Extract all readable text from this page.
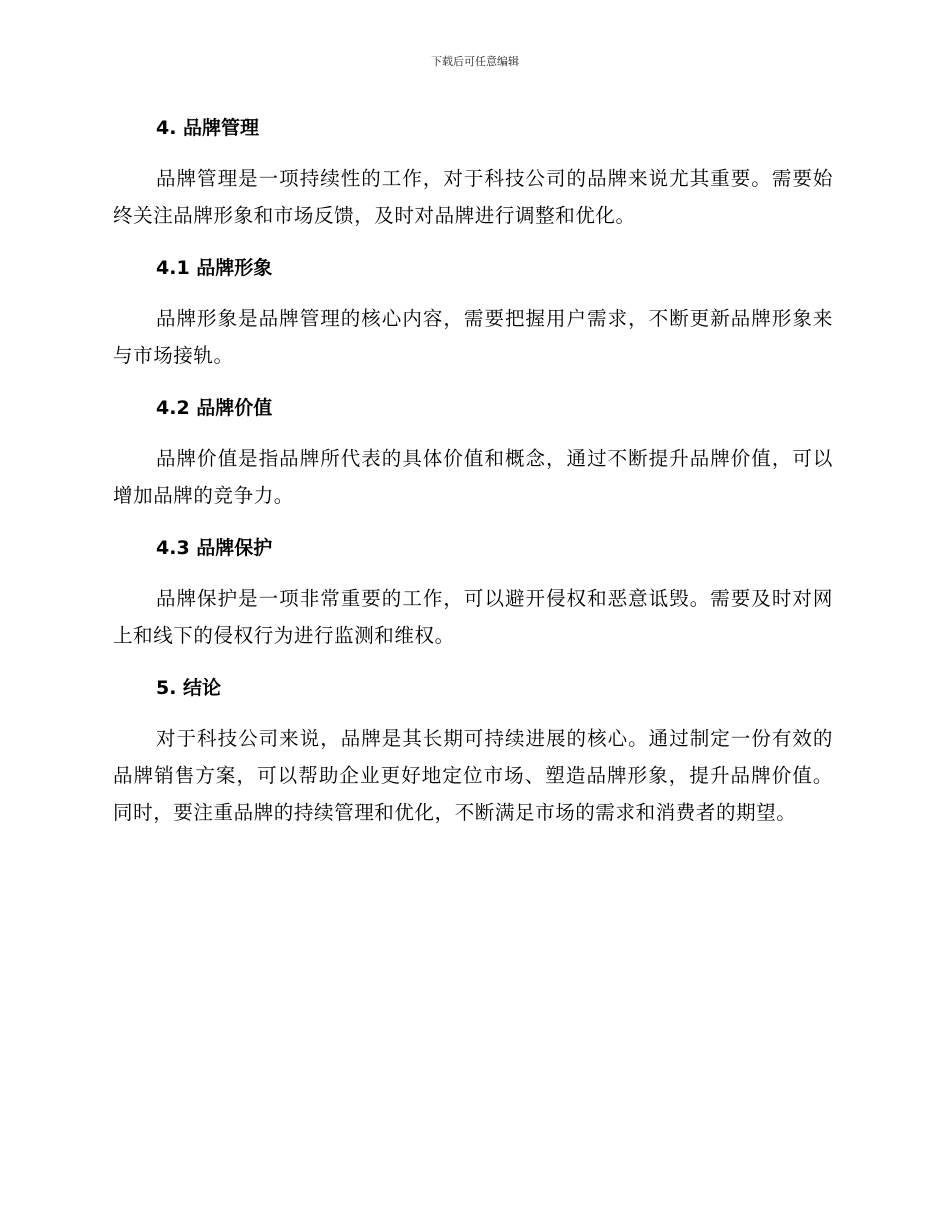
下载后可任意编辑
4. 品牌管理

品牌管理是一项持续性的工作，对于科技公司的品牌来说尤其重要。需要始终关注品牌形象和市场反馈，及时对品牌进行调整和优化。

4.1 品牌形象

品牌形象是品牌管理的核心内容，需要把握用户需求，不断更新品牌形象来与市场接轨。

4.2 品牌价值

品牌价值是指品牌所代表的具体价值和概念，通过不断提升品牌价值，可以增加品牌的竞争力。

4.3 品牌保护

品牌保护是一项非常重要的工作，可以避开侵权和恶意诋毁。需要及时对网上和线下的侵权行为进行监测和维权。

5. 结论

对于科技公司来说，品牌是其长期可持续进展的核心。通过制定一份有效的品牌销售方案，可以帮助企业更好地定位市场、塑造品牌形象，提升品牌价值。同时，要注重品牌的持续管理和优化，不断满足市场的需求和消费者的期望。
